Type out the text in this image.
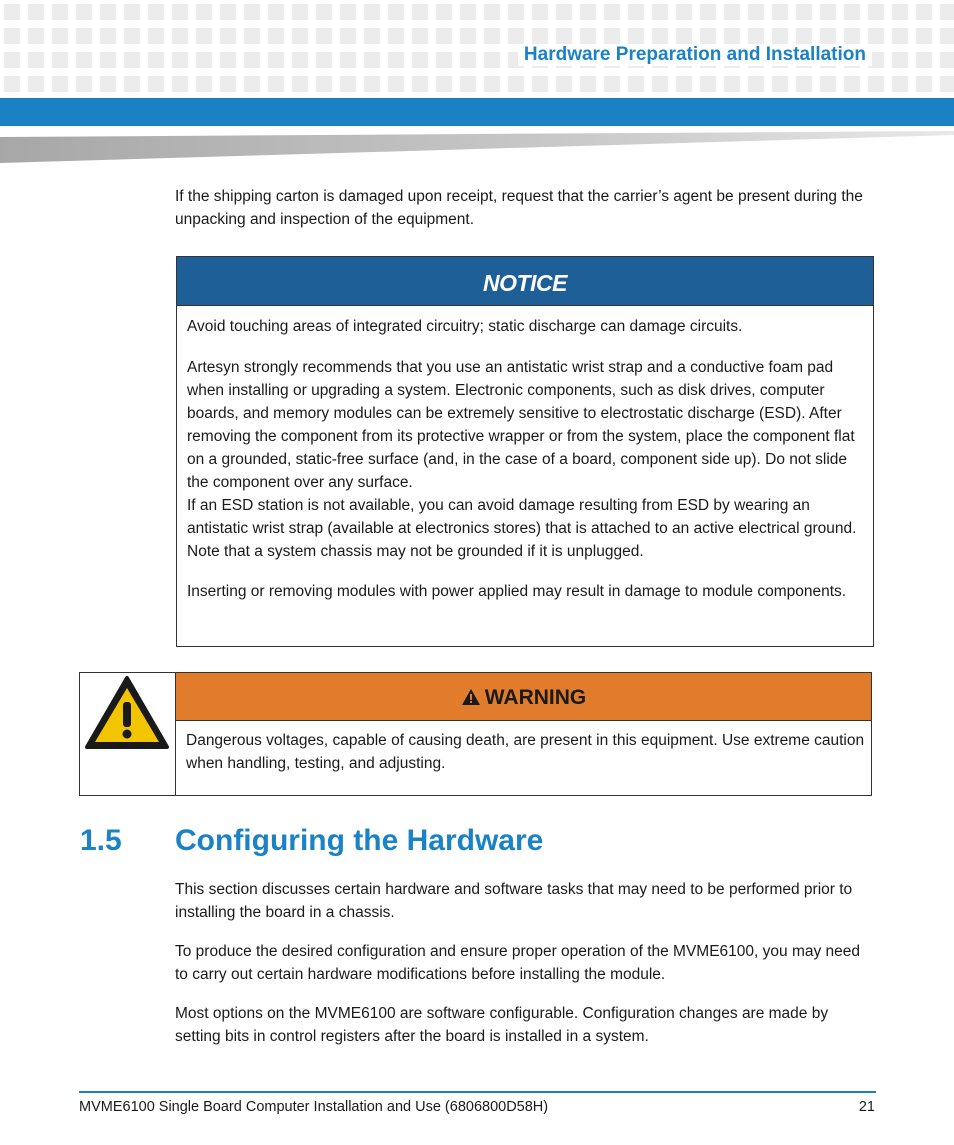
Hardware Preparation and Installation

If the shipping carton is damaged upon receipt, request that the carrier’s agent be present during the unpacking and inspection of the equipment.

NOTICE

Avoid touching areas of integrated circuitry; static discharge can damage circuits.

Artesyn strongly recommends that you use an antistatic wrist strap and a conductive foam pad when installing or upgrading a system. Electronic components, such as disk drives, computer boards, and memory modules can be extremely sensitive to electrostatic discharge (ESD). After removing the component from its protective wrapper or from the system, place the component flat on a grounded, static-free surface (and, in the case of a board, component side up). Do not slide the component over any surface.

If an ESD station is not available, you can avoid damage resulting from ESD by wearing an antistatic wrist strap (available at electronics stores) that is attached to an active electrical ground. Note that a system chassis may not be grounded if it is unplugged.

Inserting or removing modules with power applied may result in damage to module components.

WARNING

Dangerous voltages, capable of causing death, are present in this equipment. Use extreme caution when handling, testing, and adjusting.

1.5 Configuring the Hardware

This section discusses certain hardware and software tasks that may need to be performed prior to installing the board in a chassis.

To produce the desired configuration and ensure proper operation of the MVME6100, you may need to carry out certain hardware modifications before installing the module.

Most options on the MVME6100 are software configurable. Configuration changes are made by setting bits in control registers after the board is installed in a system.

MVME6100 Single Board Computer Installation and Use (6806800D58H)	21
